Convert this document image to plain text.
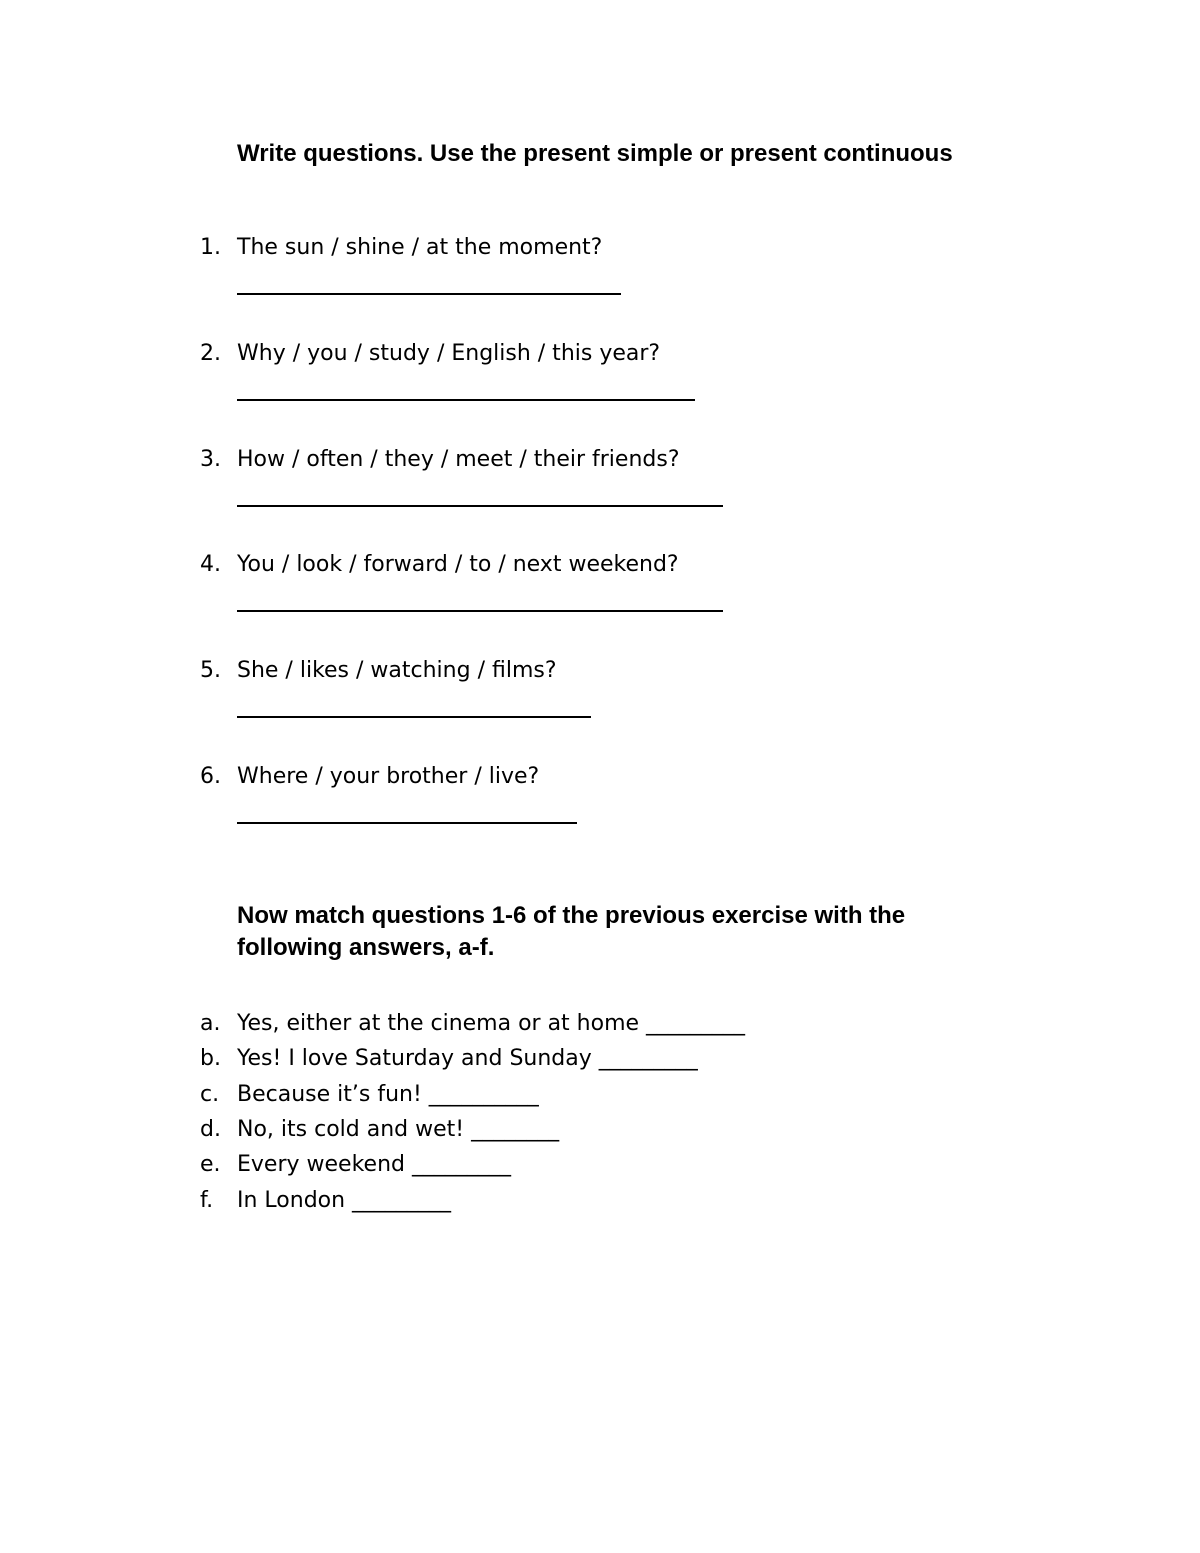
Write questions. Use the present simple or present continuous
1. The sun / shine / at the moment?
2. Why / you / study / English / this year?
3. How / often / they / meet / their friends?
4. You / look / forward / to / next weekend?
5. She / likes / watching / films?
6. Where / your brother / live?
Now match questions 1-6 of the previous exercise with the following answers, a-f.
a. Yes, either at the cinema or at home _________
b. Yes! I love Saturday and Sunday _________
c. Because it’s fun! __________
d. No, its cold and wet! ________
e. Every weekend _________
f. In London _________
